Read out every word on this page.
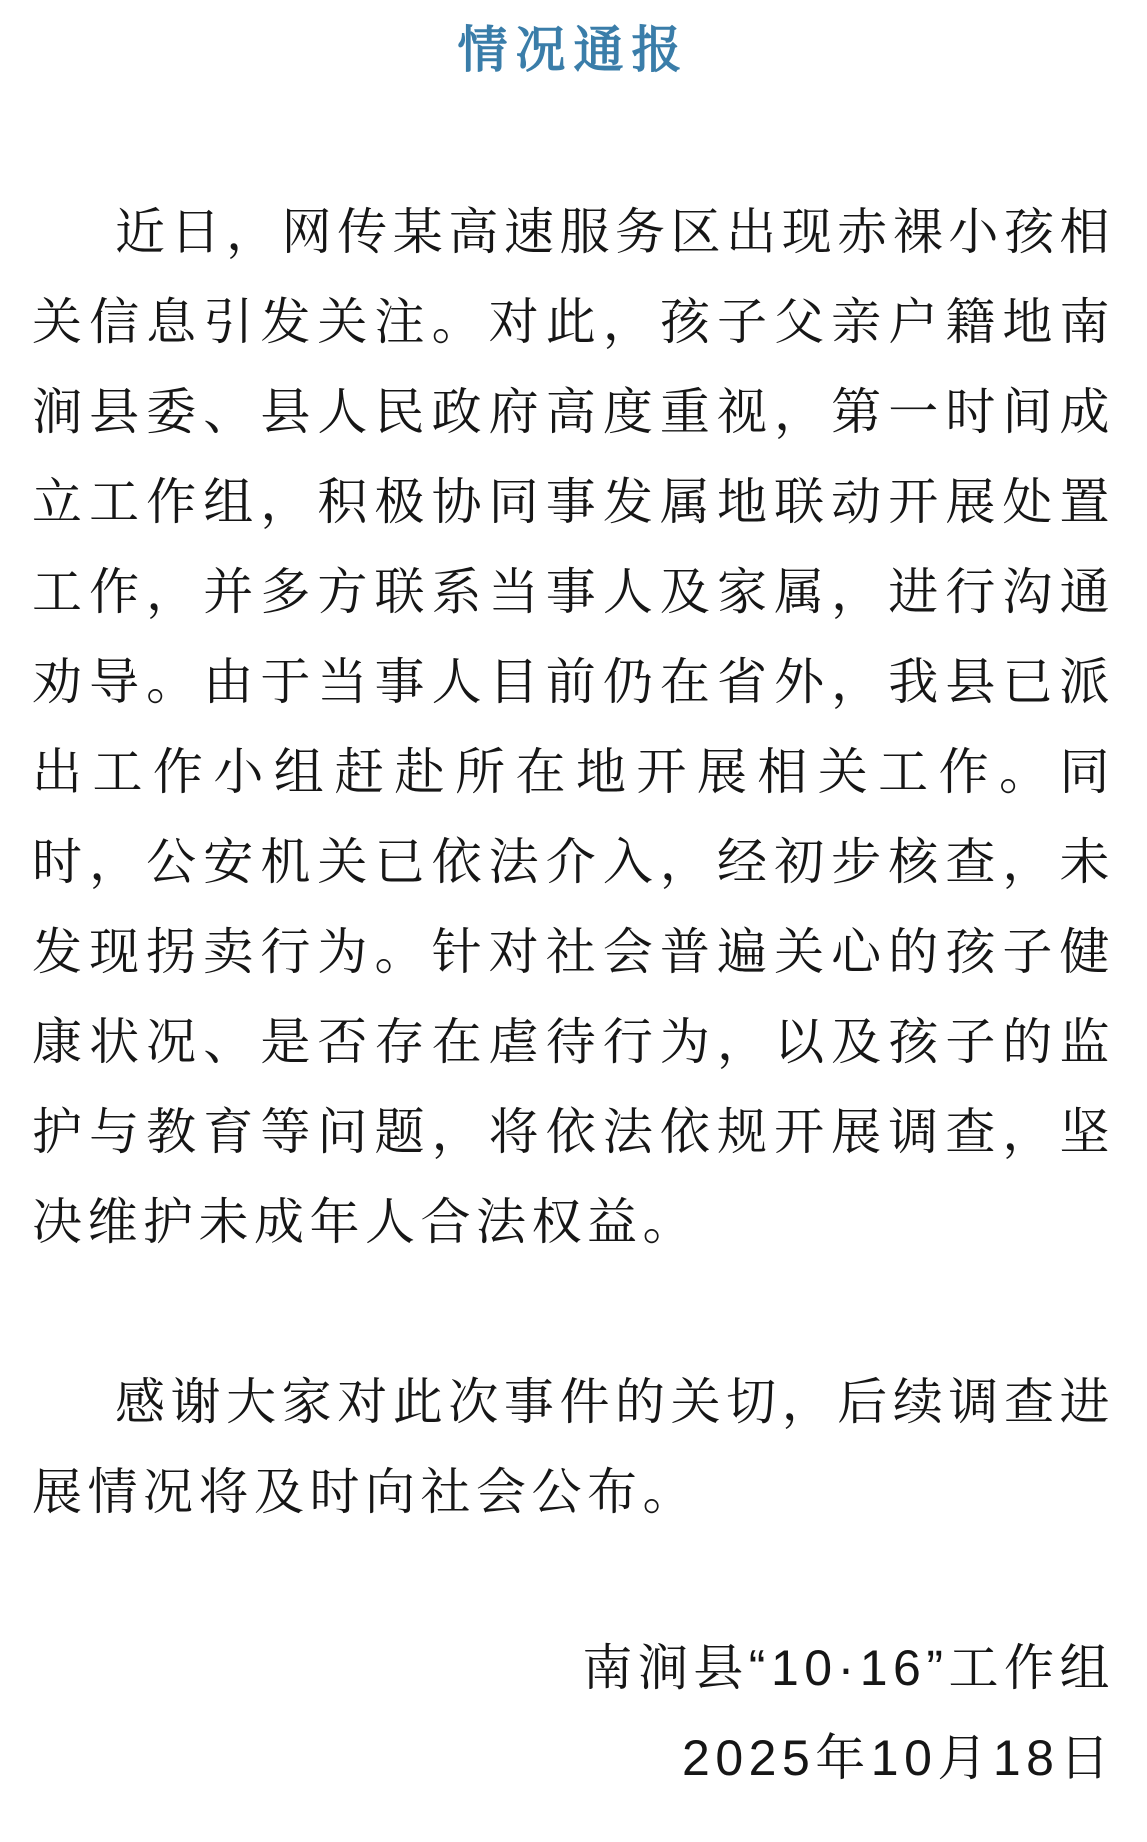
情况通报

近日，网传某高速服务区出现赤裸小孩相关信息引发关注。对此，孩子父亲户籍地南涧县委、县人民政府高度重视，第一时间成立工作组，积极协同事发属地联动开展处置工作，并多方联系当事人及家属，进行沟通劝导。由于当事人目前仍在省外，我县已派出工作小组赶赴所在地开展相关工作。同时，公安机关已依法介入，经初步核查，未发现拐卖行为。针对社会普遍关心的孩子健康状况、是否存在虐待行为，以及孩子的监护与教育等问题，将依法依规开展调查，坚决维护未成年人合法权益。

感谢大家对此次事件的关切，后续调查进展情况将及时向社会公布。

南涧县“10·16”工作组

2025年10月18日
